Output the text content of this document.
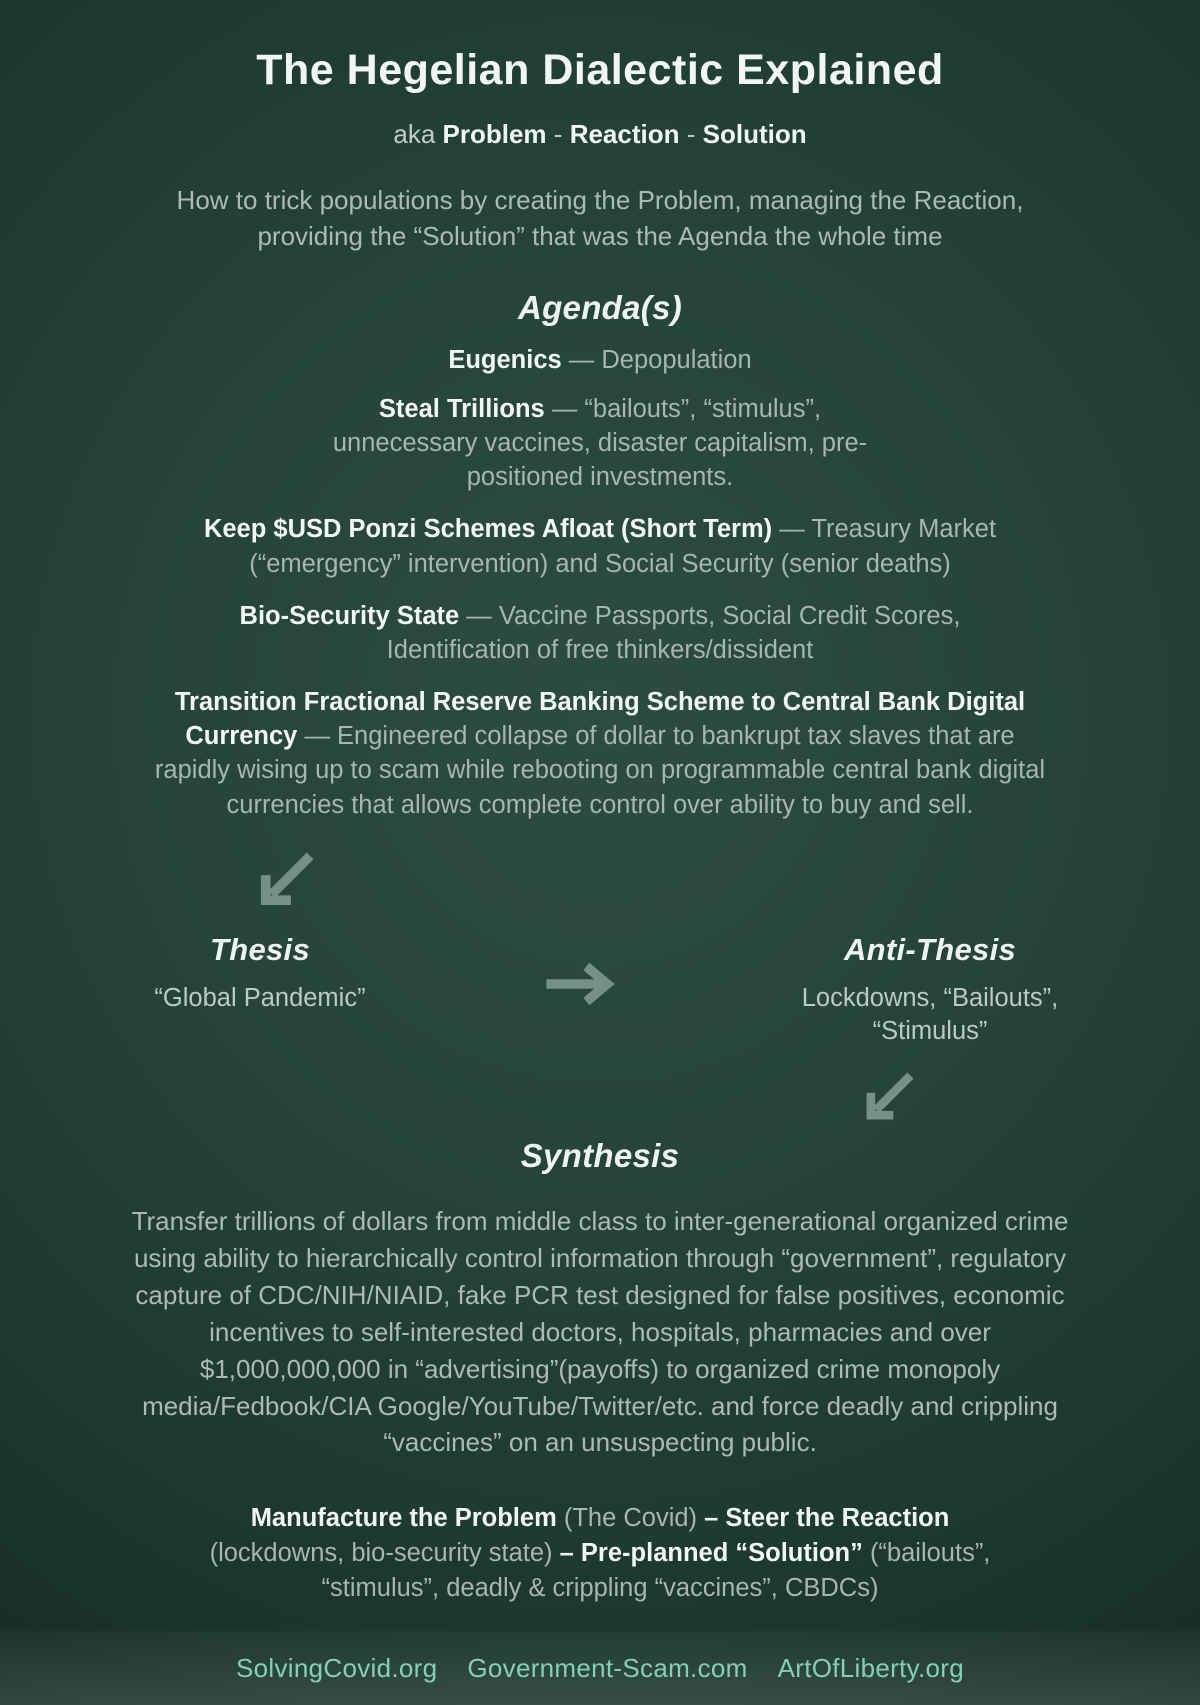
The Hegelian Dialectic Explained

aka Problem - Reaction - Solution

How to trick populations by creating the Problem, managing the Reaction, providing the “Solution” that was the Agenda the whole time

Agenda(s)

Eugenics — Depopulation

Steal Trillions — “bailouts”, “stimulus”, unnecessary vaccines, disaster capitalism, pre-positioned investments.

Keep $USD Ponzi Schemes Afloat (Short Term) — Treasury Market (“emergency” intervention) and Social Security (senior deaths)

Bio-Security State — Vaccine Passports, Social Credit Scores, Identification of free thinkers/dissident

Transition Fractional Reserve Banking Scheme to Central Bank Digital Currency — Engineered collapse of dollar to bankrupt tax slaves that are rapidly wising up to scam while rebooting on programmable central bank digital currencies that allows complete control over ability to buy and sell.

Thesis

“Global Pandemic”

Anti-Thesis

Lockdowns, “Bailouts”, “Stimulus”

Synthesis

Transfer trillions of dollars from middle class to inter-generational organized crime using ability to hierarchically control information through “government”, regulatory capture of CDC/NIH/NIAID, fake PCR test designed for false positives, economic incentives to self-interested doctors, hospitals, pharmacies and over $1,000,000,000 in “advertising”(payoffs) to organized crime monopoly media/Fedbook/CIA Google/YouTube/Twitter/etc. and force deadly and crippling “vaccines” on an unsuspecting public.

Manufacture the Problem (The Covid) – Steer the Reaction (lockdowns, bio-security state) – Pre-planned “Solution” (“bailouts”, “stimulus”, deadly & crippling “vaccines”, CBDCs)

SolvingCovid.org Government-Scam.com ArtOfLiberty.org
